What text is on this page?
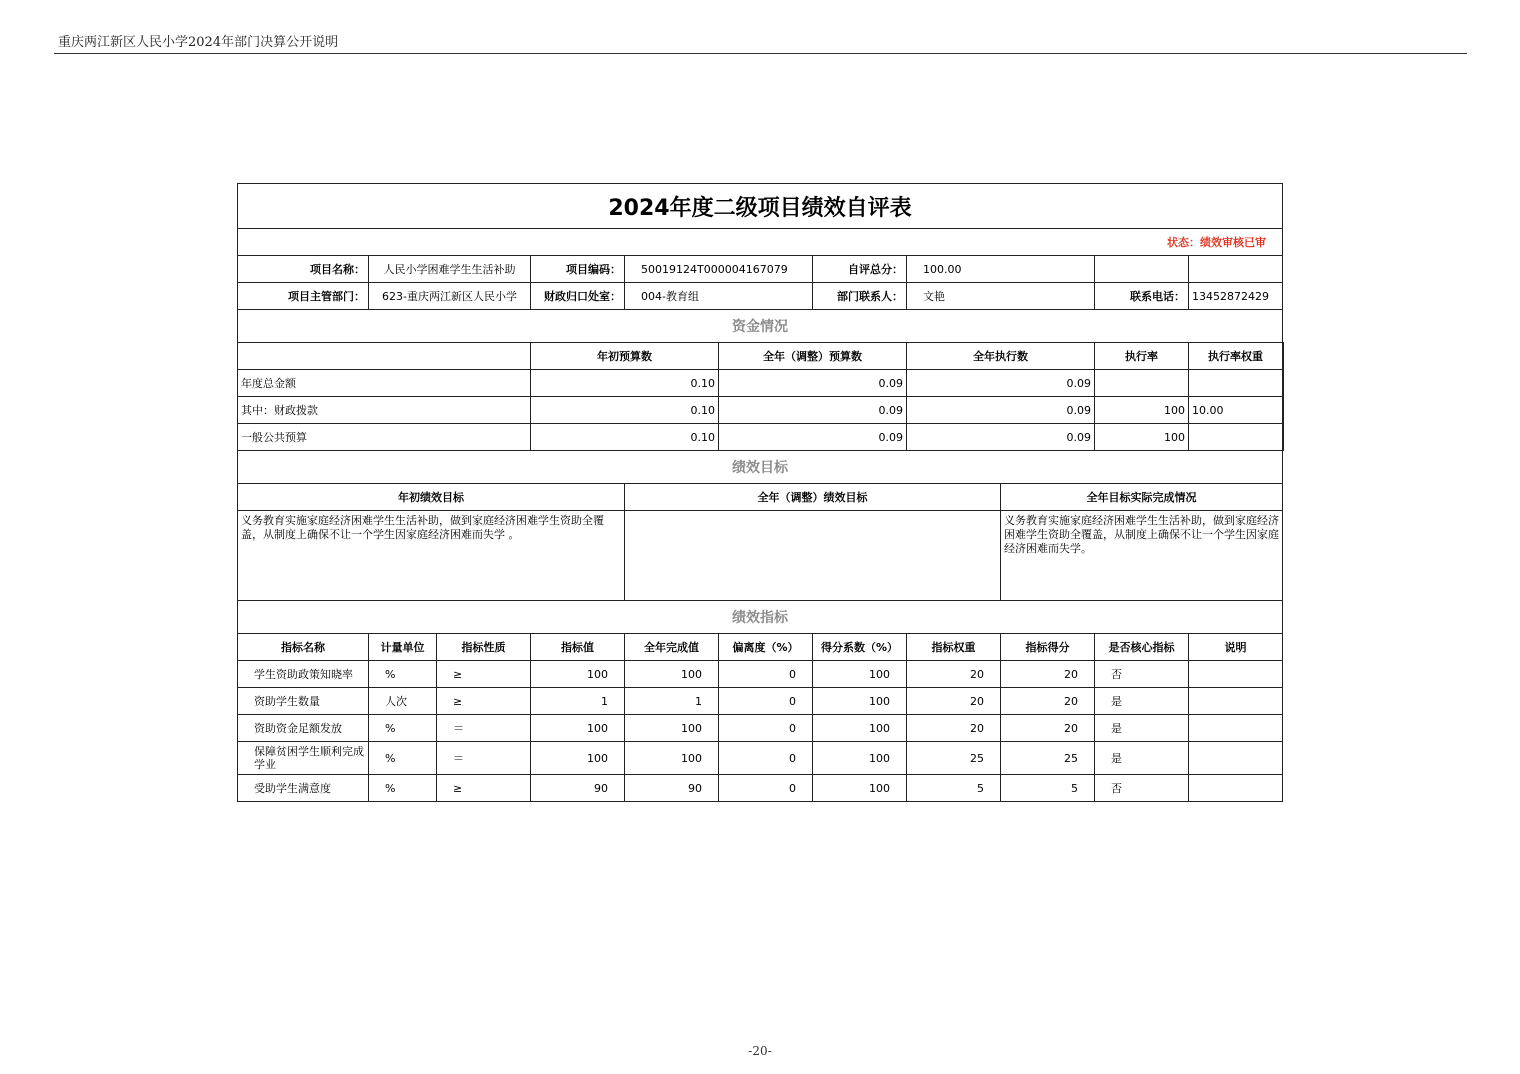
重庆两江新区人民小学2024年部门决算公开说明
2024年度二级项目绩效自评表											
状态：绩效审核已审											
项目名称：	人民小学困难学生生活补助		项目编码：	50019124T000004167079		自评总分：	100.00				
项目主管部门：	623-重庆两江新区人民小学		财政归口处室：	004-教育组		部门联系人：	文艳		联系电话：	13452872429	
资金情况											
			年初预算数		全年（调整）预算数		全年执行数		执行率	执行率权重	
年度总金额			0.10		0.09		0.09				
其中：财政拨款			0.10		0.09		0.09		100	10.00	
一般公共预算			0.10		0.09		0.09		100		
绩效目标											
年初绩效目标				全年（调整）绩效目标				全年目标实际完成情况			
义务教育实施家庭经济困难学生生活补助，做到家庭经济困难学生资助全覆盖，从制度上确保不让一个学生因家庭经济困难而失学 。								义务教育实施家庭经济困难学生生活补助，做到家庭经济困难学生资助全覆盖，从制度上确保不让一个学生因家庭经济困难而失学。			
绩效指标											
指标名称	计量单位	指标性质	指标值	全年完成值	偏离度（%）	得分系数（%）	指标权重	指标得分	是否核心指标	说明	
学生资助政策知晓率	%	≥	100	100	0	100	20	20	否		
资助学生数量	人次	≥	1	1	0	100	20	20	是		
资助资金足额发放	%	＝	100	100	0	100	20	20	是		
保障贫困学生顺利完成学业	%	＝	100	100	0	100	25	25	是		
受助学生满意度	%	≥	90	90	0	100	5	5	否		
-20-
